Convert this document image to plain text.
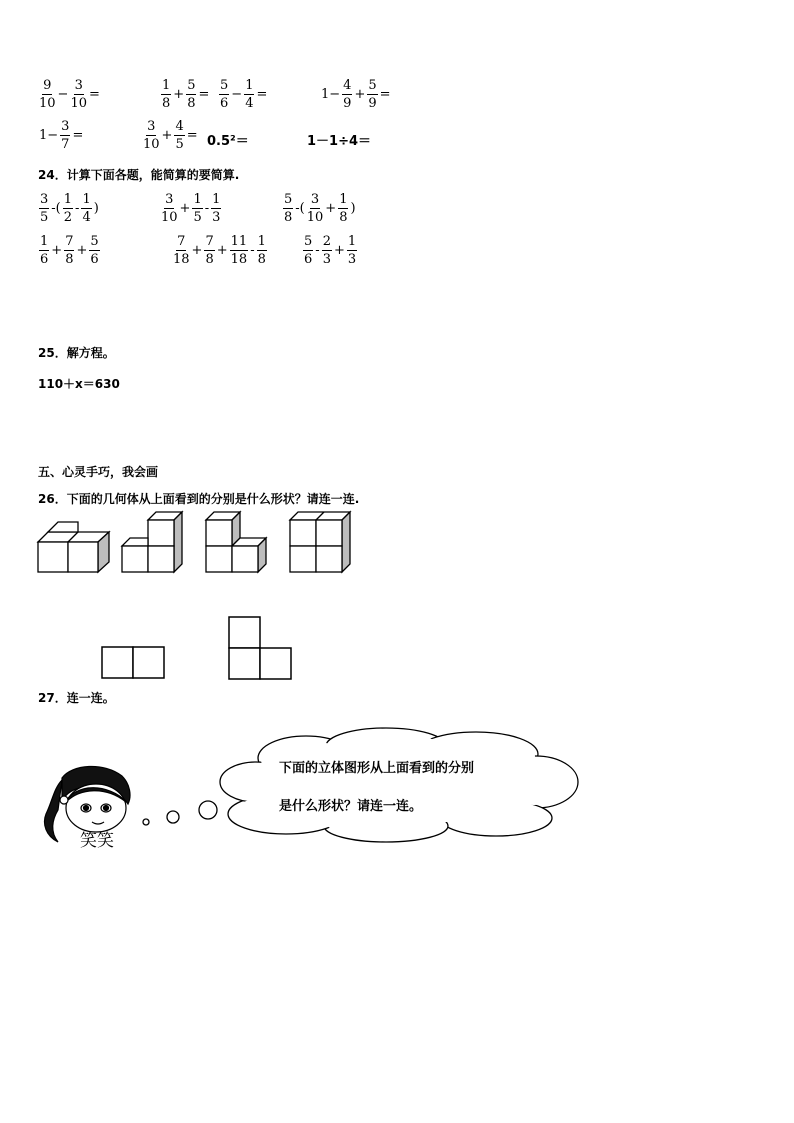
$\frac{9}{10} - \frac{3}{10}$ =	$\frac{1}{8} + \frac{5}{8} = \frac{5}{6} - \frac{1}{4}$ =	$1- \frac{4}{9} + \frac{5}{9}$ =
$1- \frac{3}{7}$ =	$\frac{3}{10} + \frac{4}{5} = 0.5^2=$	1－1÷4＝
24．计算下面各题，能简算的要简算.
$\frac{3}{5}$ -( $\frac{1}{2} - \frac{1}{4}$ )	$\frac{3}{10} + \frac{1}{5} - \frac{1}{3}$	$\frac{5}{8}$ -( $\frac{3}{10} + \frac{1}{8}$ )
$\frac{1}{6} + \frac{7}{8} + \frac{5}{6}$	$\frac{7}{18} + \frac{7}{8} + \frac{11}{18} - \frac{1}{8}$	$\frac{5}{6} - \frac{2}{3} + \frac{1}{3}$
25．解方程。
110＋x＝630
五、心灵手巧，我会画
26．下面的几何体从上面看到的分别是什么形状？请连一连.
27．连一连。
下面的立体图形从上面看到的分别
是什么形状？请连一连。
笑笑
